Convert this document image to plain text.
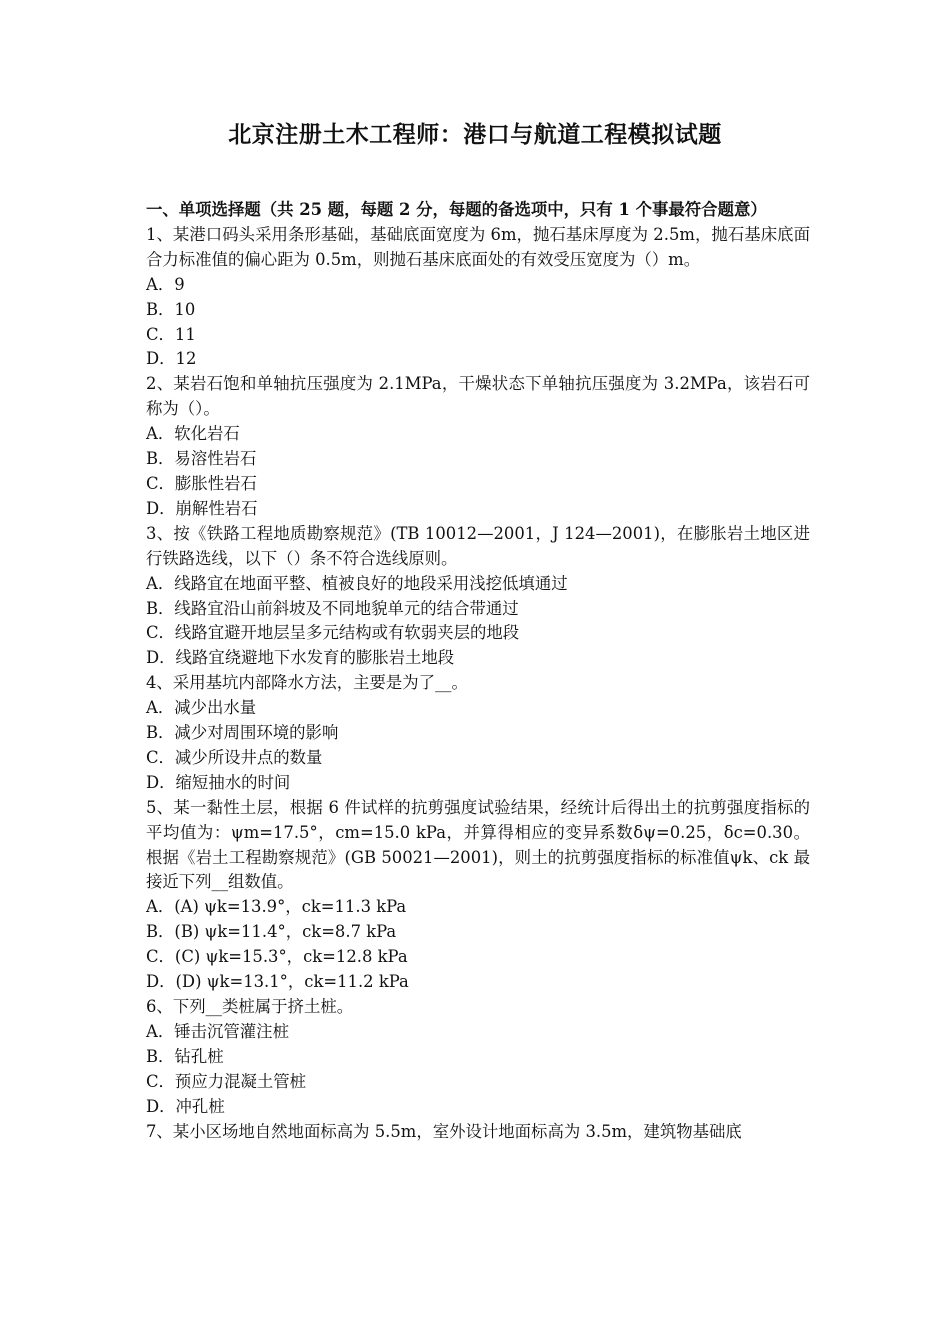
北京注册土木工程师：港口与航道工程模拟试题
一、单项选择题（共 25 题，每题 2 分，每题的备选项中，只有 1 个事最符合题意）
1、某港口码头采用条形基础，基础底面宽度为 6m，抛石基床厚度为 2.5m，抛石基床底面合力标准值的偏心距为 0.5m，则抛石基床底面处的有效受压宽度为（）m。
A．9
B．10
C．11
D．12
2、某岩石饱和单轴抗压强度为 2.1MPa，干燥状态下单轴抗压强度为 3.2MPa，该岩石可称为（）。
A．软化岩石
B．易溶性岩石
C．膨胀性岩石
D．崩解性岩石
3、按《铁路工程地质勘察规范》(TB 10012—2001，J 124—2001)，在膨胀岩土地区进行铁路选线，以下（）条不符合选线原则。
A．线路宜在地面平整、植被良好的地段采用浅挖低填通过
B．线路宜沿山前斜坡及不同地貌单元的结合带通过
C．线路宜避开地层呈多元结构或有软弱夹层的地段
D．线路宜绕避地下水发育的膨胀岩土地段
4、采用基坑内部降水方法，主要是为了__。
A．减少出水量
B．减少对周围环境的影响
C．减少所设井点的数量
D．缩短抽水的时间
5、某一黏性土层，根据 6 件试样的抗剪强度试验结果，经统计后得出土的抗剪强度指标的平均值为：ψm=17.5°，cm=15.0 kPa，并算得相应的变异系数δψ=0.25，δc=0.30。根据《岩土工程勘察规范》(GB 50021—2001)，则土的抗剪强度指标的标准值ψk、ck 最接近下列__组数值。
A．(A) ψk=13.9°，ck=11.3 kPa
B．(B) ψk=11.4°，ck=8.7 kPa
C．(C) ψk=15.3°，ck=12.8 kPa
D．(D) ψk=13.1°，ck=11.2 kPa
6、下列__类桩属于挤土桩。
A．锤击沉管灌注桩
B．钻孔桩
C．预应力混凝土管桩
D．冲孔桩
7、某小区场地自然地面标高为 5.5m，室外设计地面标高为 3.5m，建筑物基础底
